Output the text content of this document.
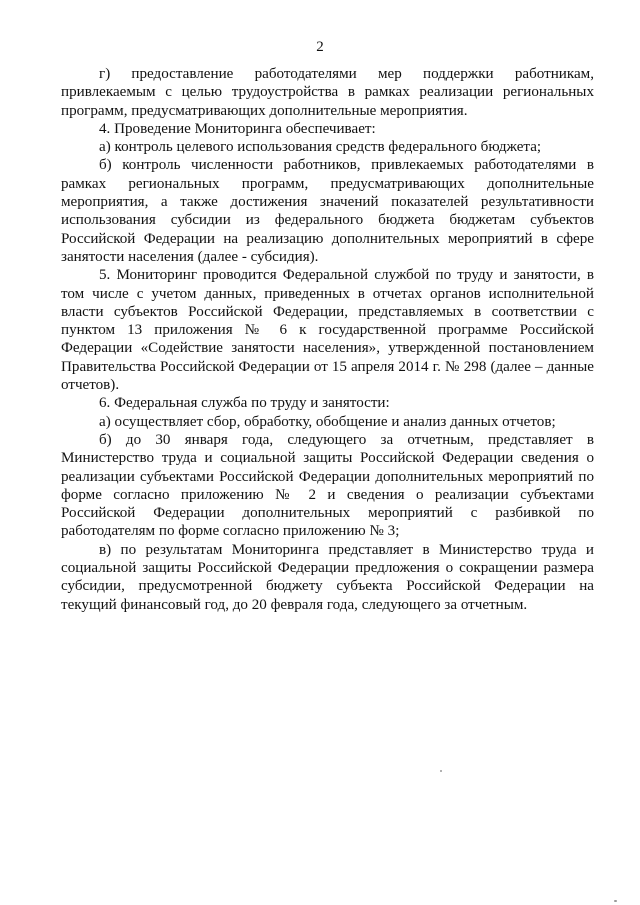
2

г) предоставление работодателями мер поддержки работникам, привлекаемым с целью трудоустройства в рамках реализации региональных программ, предусматривающих дополнительные мероприятия.

4. Проведение Мониторинга обеспечивает:

а) контроль целевого использования средств федерального бюджета;

б) контроль численности работников, привлекаемых работодателями в рамках региональных программ, предусматривающих дополнительные мероприятия, а также достижения значений показателей результативности использования субсидии из федерального бюджета бюджетам субъектов Российской Федерации на реализацию дополнительных мероприятий в сфере занятости населения (далее - субсидия).

5. Мониторинг проводится Федеральной службой по труду и занятости, в том числе с учетом данных, приведенных в отчетах органов исполнительной власти субъектов Российской Федерации, представляемых в соответствии с пунктом 13 приложения № 6 к государственной программе Российской Федерации «Содействие занятости населения», утвержденной постановлением Правительства Российской Федерации от 15 апреля 2014 г. № 298 (далее – данные отчетов).

6. Федеральная служба по труду и занятости:

а) осуществляет сбор, обработку, обобщение и анализ данных отчетов;

б) до 30 января года, следующего за отчетным, представляет в Министерство труда и социальной защиты Российской Федерации сведения о реализации субъектами Российской Федерации дополнительных мероприятий по форме согласно приложению № 2 и сведения о реализации субъектами Российской Федерации дополнительных мероприятий с разбивкой по работодателям по форме согласно приложению № 3;

в) по результатам Мониторинга представляет в Министерство труда и социальной защиты Российской Федерации предложения о сокращении размера субсидии, предусмотренной бюджету субъекта Российской Федерации на текущий финансовый год, до 20 февраля года, следующего за отчетным.
